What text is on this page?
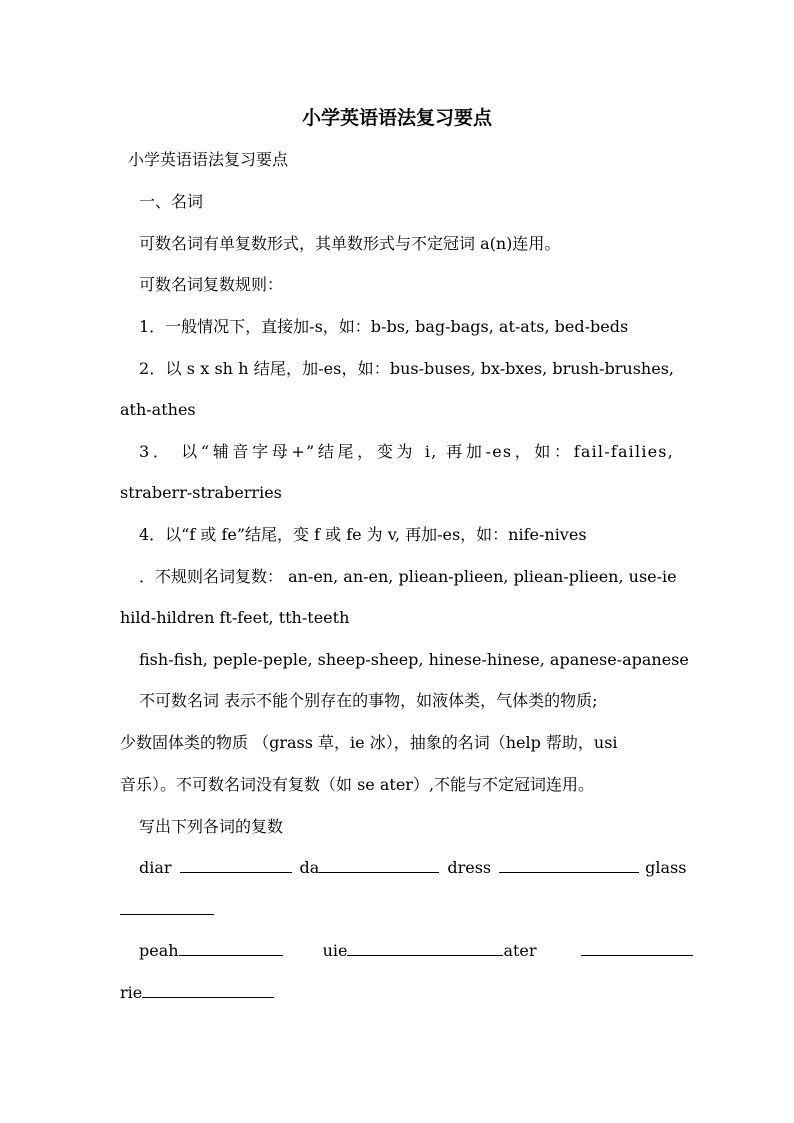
小学英语语法复习要点
小学英语语法复习要点
一、名词
可数名词有单复数形式，其单数形式与不定冠词 a(n)连用。
可数名词复数规则：
1．一般情况下，直接加-s，如：b-bs, bag-bags, at-ats, bed-beds
2．以 s x sh h 结尾，加-es，如：bus-buses, bx-bxes, brush-brushes,
ath-athes
3． 以“辅音字母+”结尾，变为 i, 再加-es，如：fail-failies,
straberr-straberries
4．以“f 或 fe”结尾，变 f 或 fe 为 v, 再加-es，如：nife-nives
．不规则名词复数： an-en, an-en, pliean-plieen, pliean-plieen, use-ie
hild-hildren ft-feet, tth-teeth
fish-fish, peple-peple, sheep-sheep, hinese-hinese, apanese-apanese
不可数名词 表示不能个别存在的事物，如液体类，气体类的物质;
少数固体类的物质 （grass 草，ie 冰），抽象的名词（help 帮助，usi
音乐）。不可数名词没有复数（如 se ater）,不能与不定冠词连用。
写出下列各词的复数
diar	da	dress	glass
peah	uie	ater
rie
